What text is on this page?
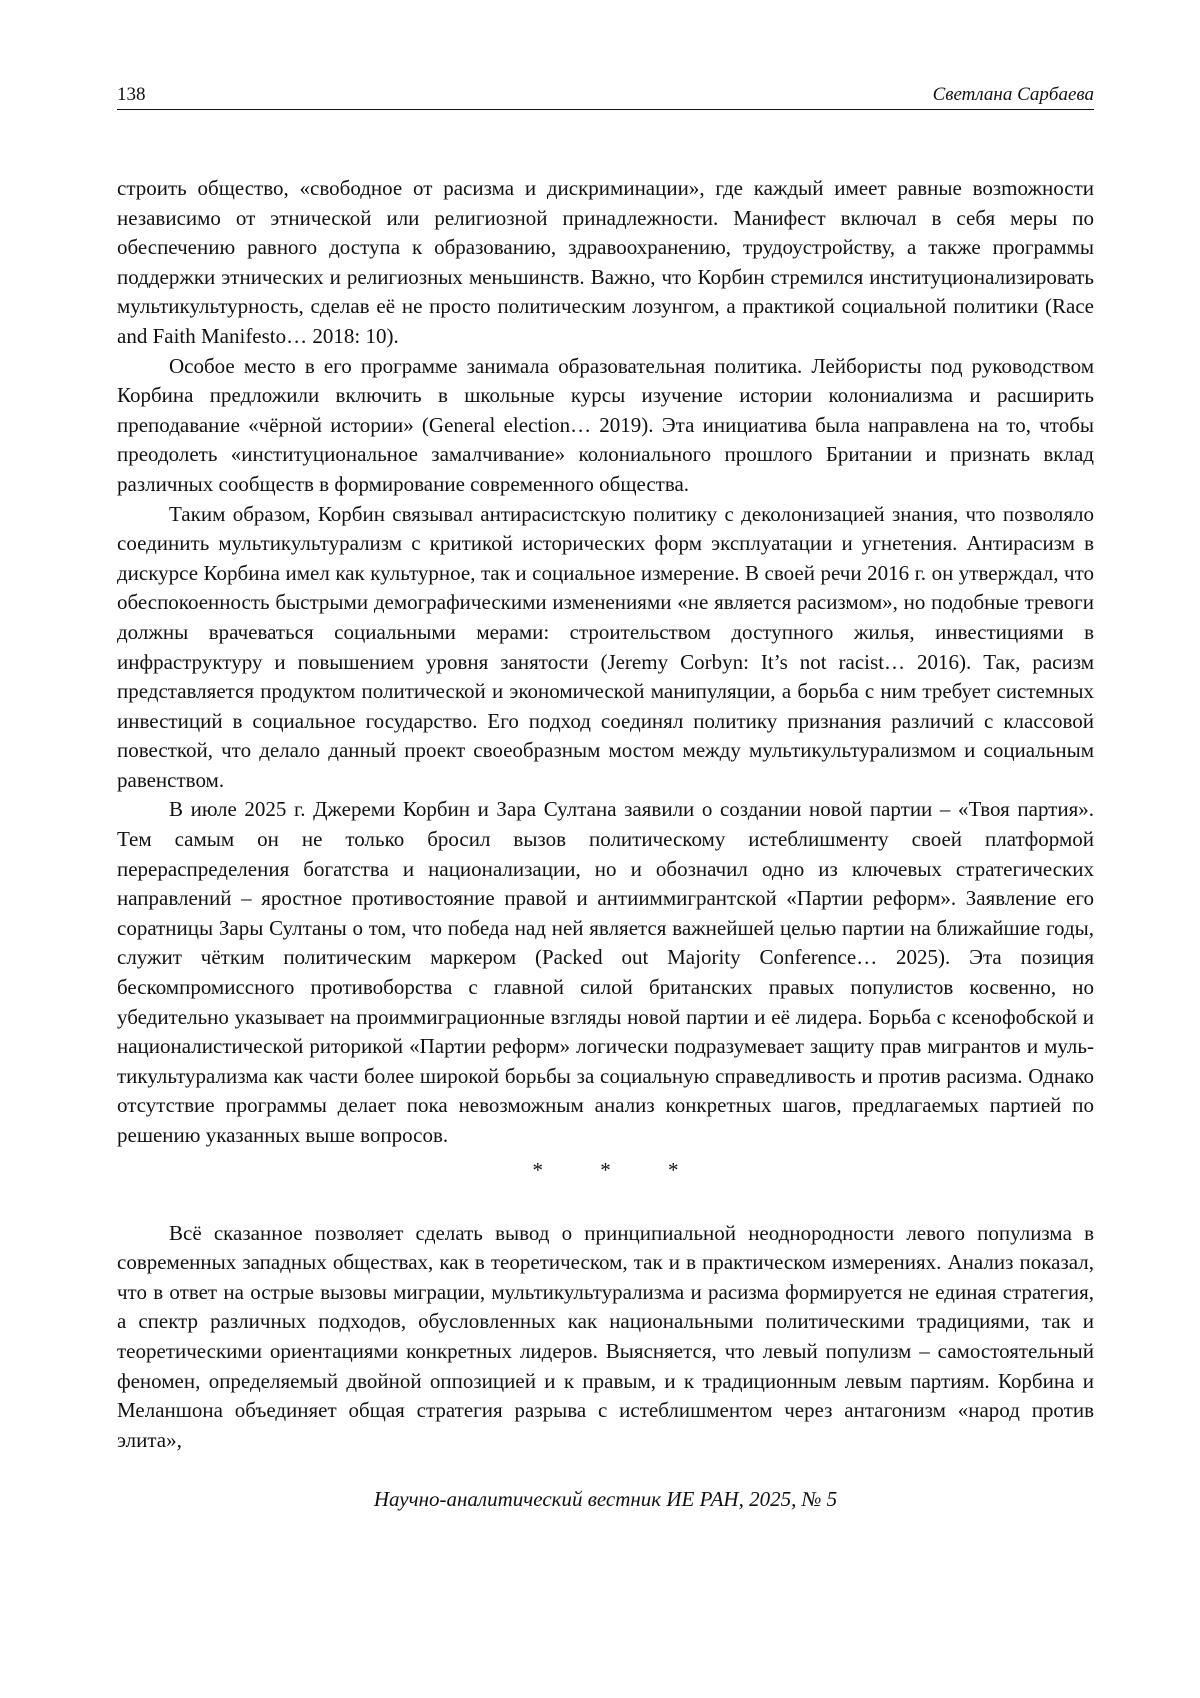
138	Светлана Сарбаева

строить общество, «свободное от расизма и дискриминации», где каждый имеет равные возmожности независимо от этнической или религиозной принадлежности. Манифест включал в себя меры по обеспечению равного доступа к образованию, здравоохранению, трудоустройству, а также программы поддержки этнических и религиозных меньшинств. Важно, что Корбин стремился институционализировать мультикультурность, сделав её не просто политическим лозунгом, а практикой социальной политики (Race and Faith Manifesto… 2018: 10).

Особое место в его программе занимала образовательная политика. Лейбористы под руководством Корбина предложили включить в школьные курсы изучение истории колониализма и расширить преподавание «чёрной истории» (General election… 2019). Эта инициатива была направлена на то, чтобы преодолеть «институциональное замалчивание» колониального прошлого Британии и признать вклад различных сообществ в формирование современного общества.

Таким образом, Корбин связывал антирасистскую политику с деколонизацией знания, что позволяло соединить мультикультурализм с критикой исторических форм эксплуатации и угнетения. Антирасизм в дискурсе Корбина имел как культурное, так и социальное измерение. В своей речи 2016 г. он утверждал, что обеспокоенность быстрыми демографическими изменениями «не является расизмом», но подобные тревоги должны врачеваться социальными мерами: строительством доступного жилья, инвестициями в инфраструктуру и повышением уровня занятости (Jeremy Corbyn: It’s not racist… 2016). Так, расизм представляется продуктом политической и экономической манипуляции, а борьба с ним требует системных инвестиций в социальное государство. Его подход соединял политику признания различий с классовой повесткой, что делало данный проект своеобразным мостом между мультикультурализмом и социальным равенством.

В июле 2025 г. Джереми Корбин и Зара Султана заявили о создании новой партии – «Твоя партия». Тем самым он не только бросил вызов политическому истеблишменту своей платформой перераспределения богатства и национализации, но и обозначил одно из ключевых стратегических направлений – яростное противостояние правой и антииммигрантской «Партии реформ». Заявление его соратницы Зары Султаны о том, что победа над ней является важнейшей целью партии на ближайшие годы, служит чётким политическим маркером (Packed out Majority Conference… 2025). Эта позиция бескомпромиссного противоборства с главной силой британских правых популистов косвенно, но убедительно указывает на проиммиграционные взгляды новой партии и её лидера. Борьба с ксенофобской и националистической риторикой «Партии реформ» логически подразумевает защиту прав мигрантов и мультикультурализма как части более широкой борьбы за социальную справедливость и против расизма. Однако отсутствие программы делает пока невозможным анализ конкретных шагов, предлагаемых партией по решению указанных выше вопросов.

*	*	*

Всё сказанное позволяет сделать вывод о принципиальной неоднородности левого популизма в современных западных обществах, как в теоретическом, так и в практическом измерениях. Анализ показал, что в ответ на острые вызовы миграции, мультикультурализма и расизма формируется не единая стратегия, а спектр различных подходов, обусловленных как национальными политическими традициями, так и теоретическими ориентациями конкретных лидеров. Выясняется, что левый популизм – самостоятельный феномен, определяемый двойной оппозицией и к правым, и к традиционным левым партиям. Корбина и Меланшона объединяет общая стратегия разрыва с истеблишментом через антагонизм «народ против элита»,

Научно-аналитический вестник ИЕ РАН, 2025, № 5
